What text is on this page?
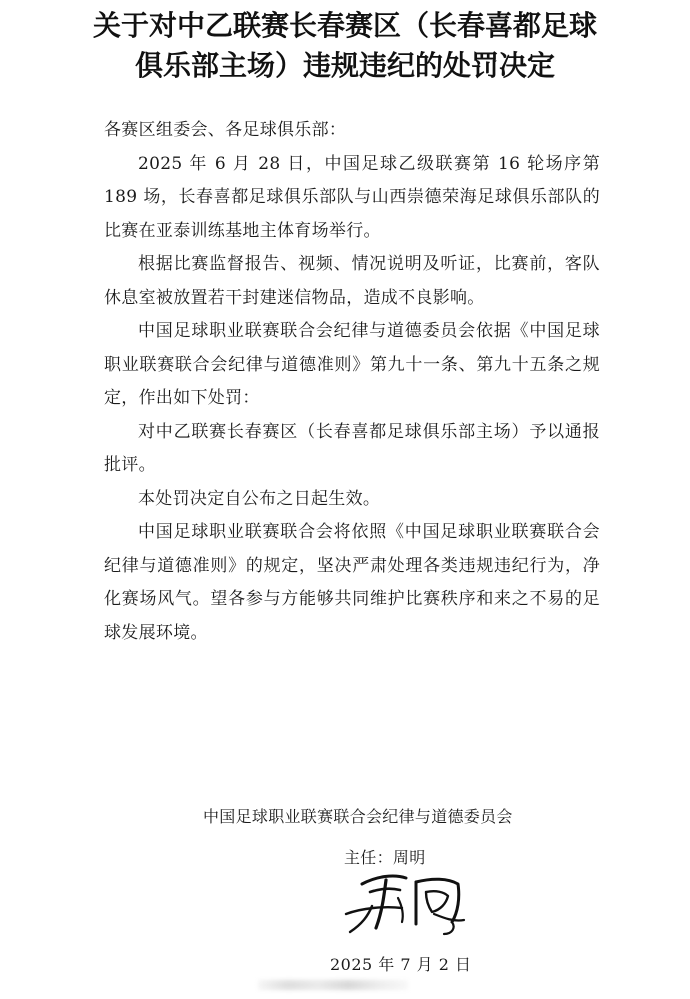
关于对中乙联赛长春赛区（长春喜都足球
俱乐部主场）违规违纪的处罚决定

各赛区组委会、各足球俱乐部：

2025 年 6 月 28 日，中国足球乙级联赛第 16 轮场序第 189 场，长春喜都足球俱乐部队与山西崇德荣海足球俱乐部队的比赛在亚泰训练基地主体育场举行。

根据比赛监督报告、视频、情况说明及听证，比赛前，客队休息室被放置若干封建迷信物品，造成不良影响。

中国足球职业联赛联合会纪律与道德委员会依据《中国足球职业联赛联合会纪律与道德准则》第九十一条、第九十五条之规定，作出如下处罚：

对中乙联赛长春赛区（长春喜都足球俱乐部主场）予以通报批评。

本处罚决定自公布之日起生效。

中国足球职业联赛联合会将依照《中国足球职业联赛联合会纪律与道德准则》的规定，坚决严肃处理各类违规违纪行为，净化赛场风气。望各参与方能够共同维护比赛秩序和来之不易的足球发展环境。

中国足球职业联赛联合会纪律与道德委员会
主任：周明
2025 年 7 月 2 日
